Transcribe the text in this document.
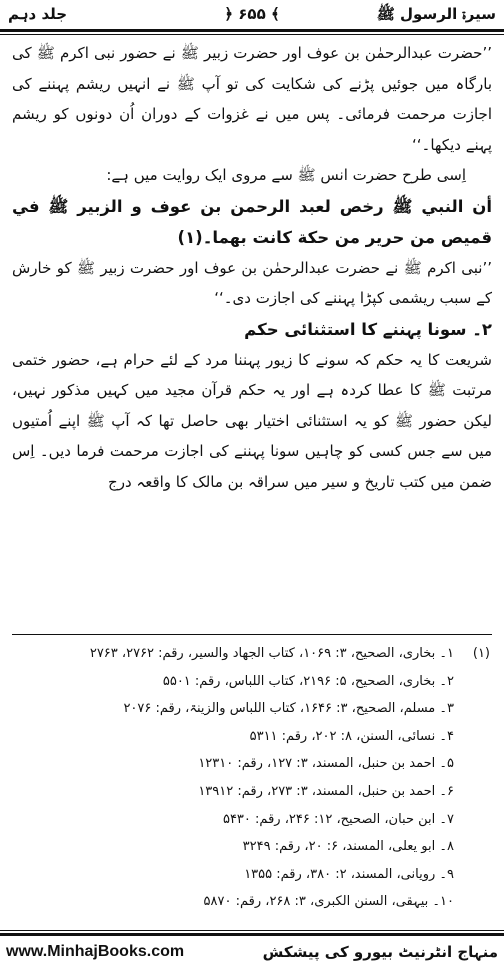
جلد دہم	﴿ ۶۵۵ ﴾	سیرۃ الرسول ﷺ

’’حضرت عبدالرحمٰن بن عوف اور حضرت زبیر ﷺ نے حضور نبی اکرم ﷺ کی بارگاہ میں جوئیں پڑنے کی شکایت کی تو آپ ﷺ نے انہیں ریشم پہننے کی اجازت مرحمت فرمائی۔ پس میں نے غزوات کے دوران اُن دونوں کو ریشم پہنے دیکھا۔‘‘

اِسی طرح حضرت انس ﷺ سے مروی ایک روایت میں ہے:

أن النبي ﷺ رخص لعبد الرحمن بن عوف و الزبير ﷺ في قميص من حرير من حكة كانت بهما۔(۱)

’’نبی اکرم ﷺ نے حضرت عبدالرحمٰن بن عوف اور حضرت زبیر ﷺ کو خارش کے سبب ریشمی کپڑا پہننے کی اجازت دی۔‘‘

۲۔ سونا پہننے کا استثنائی حکم

شریعت کا یہ حکم کہ سونے کا زیور پہننا مرد کے لئے حرام ہے، حضور ختمی مرتبت ﷺ کا عطا کردہ ہے اور یہ حکم قرآن مجید میں کہیں مذکور نہیں، لیکن حضور ﷺ کو یہ استثنائی اختیار بھی حاصل تھا کہ آپ ﷺ اپنے اُمتیوں میں سے جس کسی کو چاہیں سونا پہننے کی اجازت مرحمت فرما دیں۔ اِس ضمن میں کتب تاریخ و سیر میں سراقہ بن مالک کا واقعہ درج

(۱)
۱۔ بخاری، الصحیح، ۳: ۱۰۶۹، کتاب الجھاد والسیر، رقم: ۲۷۶۲، ۲۷۶۳
۲۔ بخاری، الصحیح، ۵: ۲۱۹۶، کتاب اللباس، رقم: ۵۵۰۱
۳۔ مسلم، الصحیح، ۳: ۱۶۴۶، کتاب اللباس والزینۃ، رقم: ۲۰۷۶
۴۔ نسائی، السنن، ۸: ۲۰۲، رقم: ۵۳۱۱
۵۔ احمد بن حنبل، المسند، ۳: ۱۲۷، رقم: ۱۲۳۱۰
۶۔ احمد بن حنبل، المسند، ۳: ۲۷۳، رقم: ۱۳۹۱۲
۷۔ ابن حبان، الصحیح، ۱۲: ۲۴۶، رقم: ۵۴۳۰
۸۔ ابو یعلی، المسند، ۶: ۲۰، رقم: ۳۲۴۹
۹۔ رویانی، المسند، ۲: ۳۸۰، رقم: ۱۳۵۵
۱۰۔ بیہقی، السنن الکبری، ۳: ۲۶۸، رقم: ۵۸۷۰
www.MinhajBooks.com	منہاج انٹرنیٹ بیورو کی پیشکش
